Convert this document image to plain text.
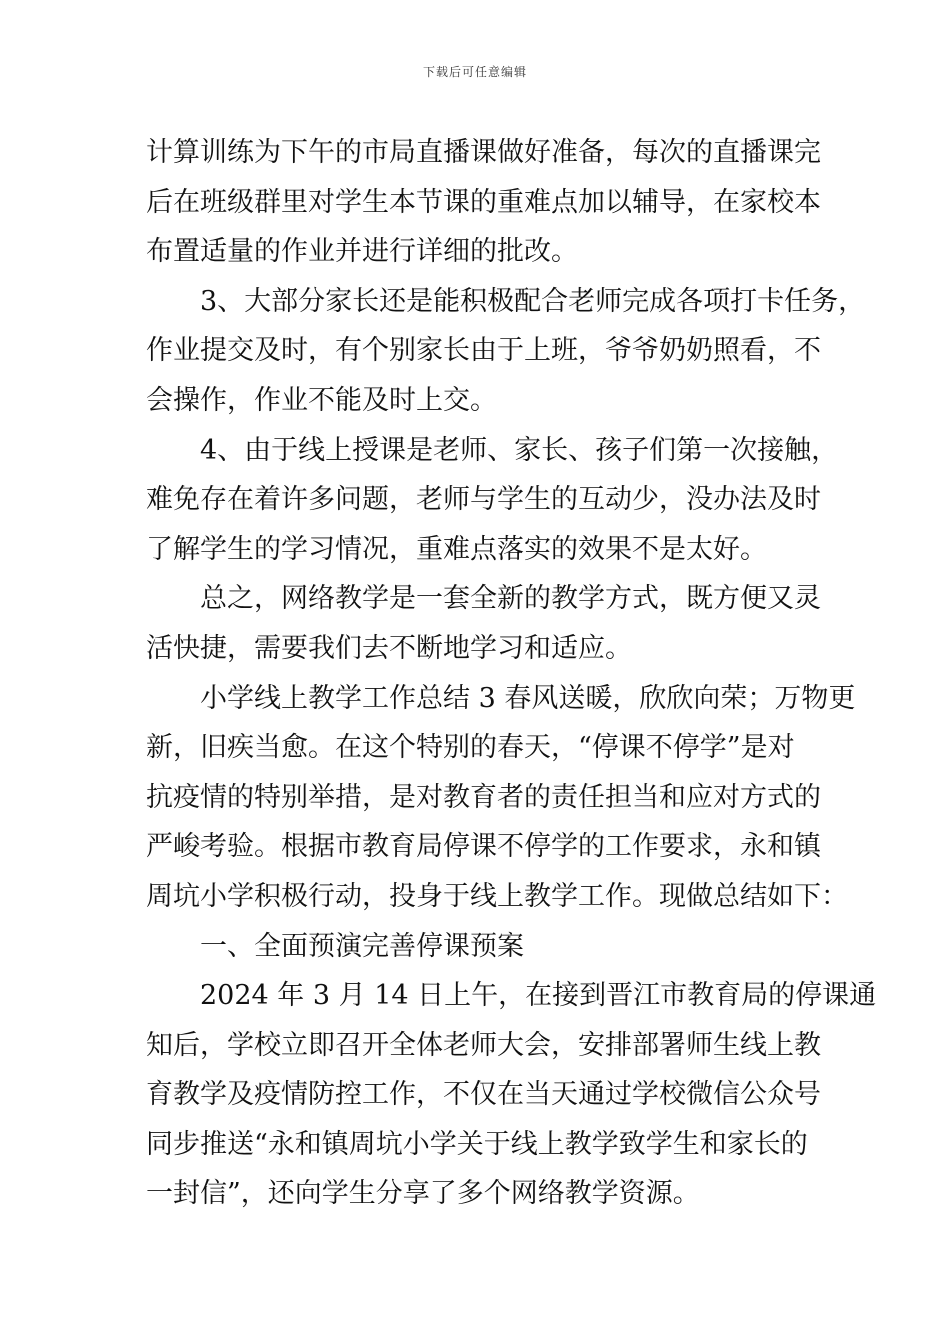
下载后可任意编辑
计算训练为下午的市局直播课做好准备，每次的直播课完
后在班级群里对学生本节课的重难点加以辅导，在家校本
布置适量的作业并进行详细的批改。
3、大部分家长还是能积极配合老师完成各项打卡任务，
作业提交及时，有个别家长由于上班，爷爷奶奶照看，不
会操作，作业不能及时上交。
4、由于线上授课是老师、家长、孩子们第一次接触，
难免存在着许多问题，老师与学生的互动少，没办法及时
了解学生的学习情况，重难点落实的效果不是太好。
总之，网络教学是一套全新的教学方式，既方便又灵
活快捷，需要我们去不断地学习和适应。
小学线上教学工作总结 3 春风送暖，欣欣向荣；万物更
新，旧疾当愈。在这个特别的春天，“停课不停学”是对
抗疫情的特别举措，是对教育者的责任担当和应对方式的
严峻考验。根据市教育局停课不停学的工作要求，永和镇
周坑小学积极行动，投身于线上教学工作。现做总结如下：
一、全面预演完善停课预案
2024 年 3 月 14 日上午，在接到晋江市教育局的停课通
知后，学校立即召开全体老师大会，安排部署师生线上教
育教学及疫情防控工作，不仅在当天通过学校微信公众号
同步推送“永和镇周坑小学关于线上教学致学生和家长的
一封信”，还向学生分享了多个网络教学资源。
